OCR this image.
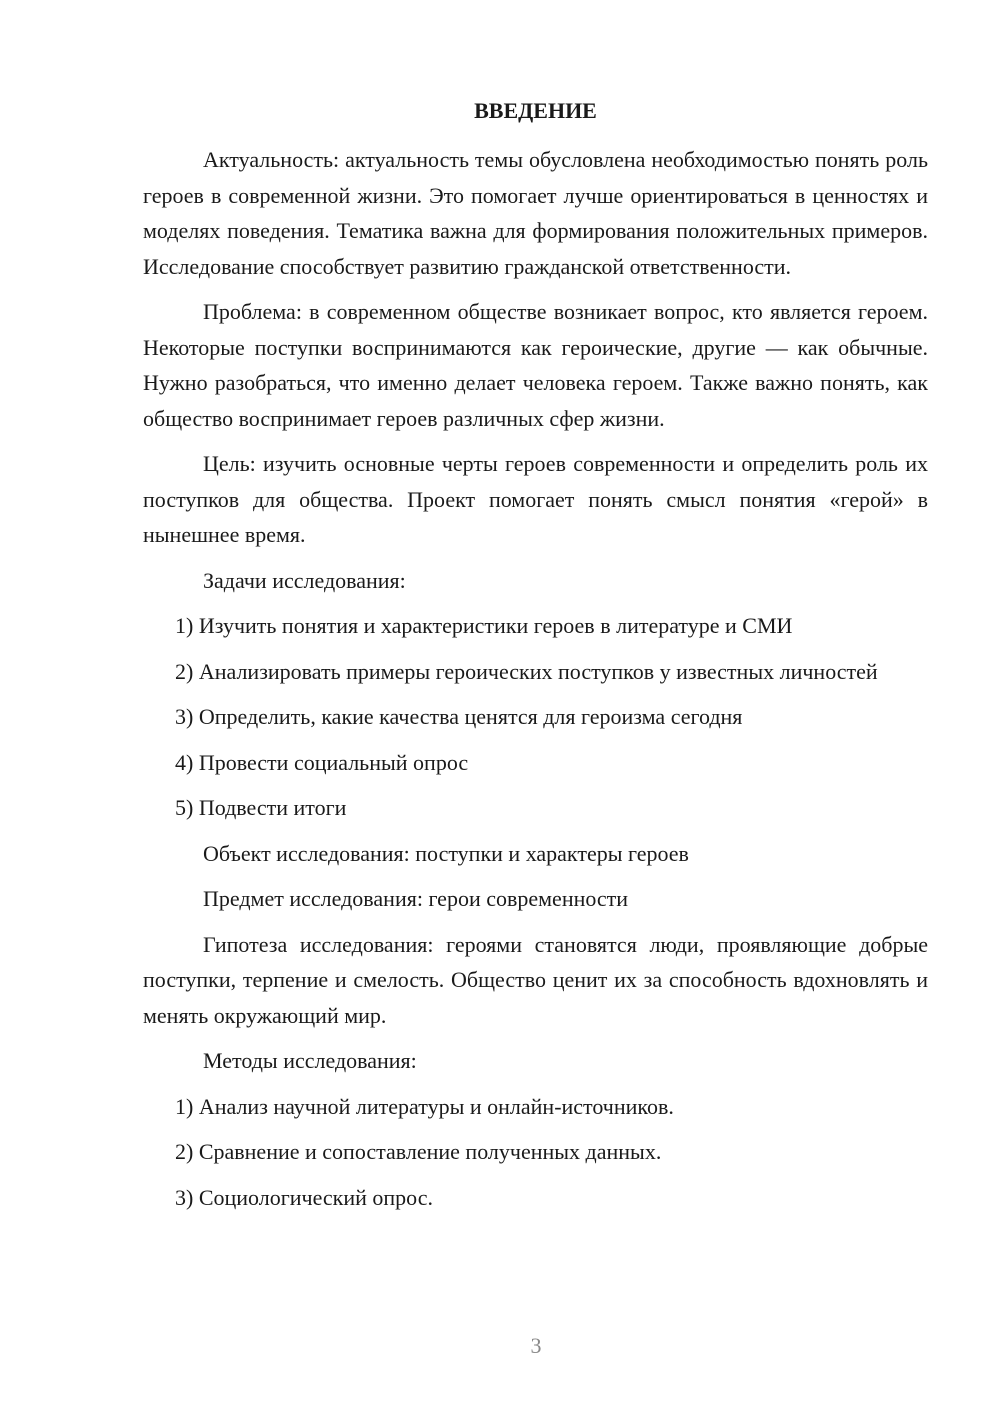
ВВЕДЕНИЕ

Актуальность: актуальность темы обусловлена необходимостью понять роль героев в современной жизни. Это помогает лучше ориентироваться в ценностях и моделях поведения. Тематика важна для формирования положительных примеров. Исследование способствует развитию гражданской ответственности.

Проблема: в современном обществе возникает вопрос, кто является героем. Некоторые поступки воспринимаются как героические, другие — как обычные. Нужно разобраться, что именно делает человека героем. Также важно понять, как общество воспринимает героев различных сфер жизни.

Цель: изучить основные черты героев современности и определить роль их поступков для общества. Проект помогает понять смысл понятия «герой» в нынешнее время.

Задачи исследования:

1) Изучить понятия и характеристики героев в литературе и СМИ

2) Анализировать примеры героических поступков у известных личностей

3) Определить, какие качества ценятся для героизма сегодня

4) Провести социальный опрос

5) Подвести итоги

Объект исследования: поступки и характеры героев

Предмет исследования: герои современности

Гипотеза исследования: героями становятся люди, проявляющие добрые поступки, терпение и смелость. Общество ценит их за способность вдохновлять и менять окружающий мир.

Методы исследования:

1) Анализ научной литературы и онлайн-источников.

2) Сравнение и сопоставление полученных данных.

3) Социологический опрос.

3
